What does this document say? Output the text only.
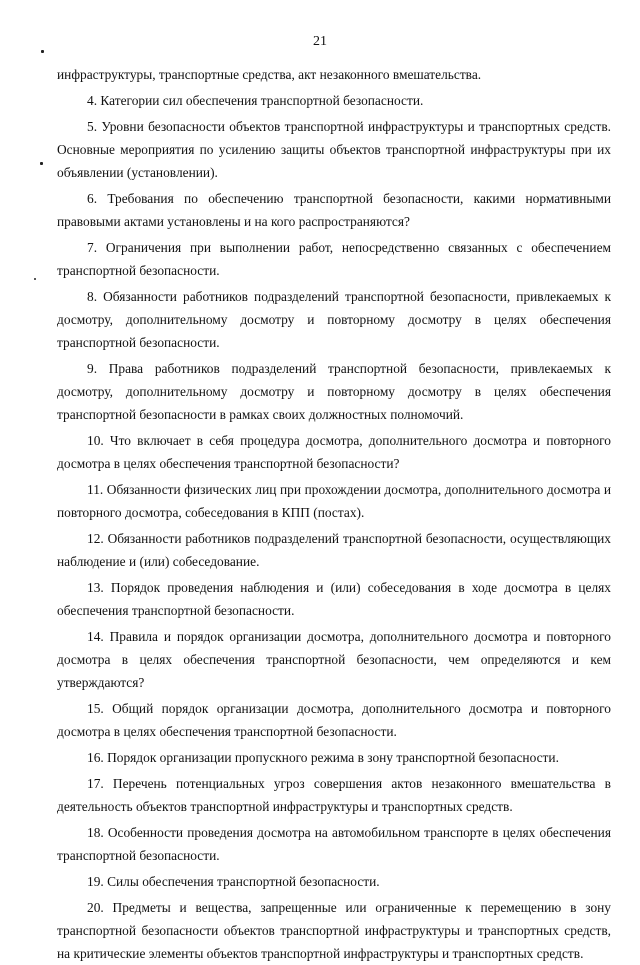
21

инфраструктуры, транспортные средства, акт незаконного вмешательства.

4. Категории сил обеспечения транспортной безопасности.

5. Уровни безопасности объектов транспортной инфраструктуры и транспортных средств. Основные мероприятия по усилению защиты объектов транспортной инфраструктуры при их объявлении (установлении).

6. Требования по обеспечению транспортной безопасности, какими нормативными правовыми актами установлены и на кого распространяются?

7. Ограничения при выполнении работ, непосредственно связанных с обеспечением транспортной безопасности.

8. Обязанности работников подразделений транспортной безопасности, привлекаемых к досмотру, дополнительному досмотру и повторному досмотру в целях обеспечения транспортной безопасности.

9. Права работников подразделений транспортной безопасности, привлекаемых к досмотру, дополнительному досмотру и повторному досмотру в целях обеспечения транспортной безопасности в рамках своих должностных полномочий.

10. Что включает в себя процедура досмотра, дополнительного досмотра и повторного досмотра в целях обеспечения транспортной безопасности?

11. Обязанности физических лиц при прохождении досмотра, дополнительного досмотра и повторного досмотра, собеседования в КПП (постах).

12. Обязанности работников подразделений транспортной безопасности, осуществляющих наблюдение и (или) собеседование.

13. Порядок проведения наблюдения и (или) собеседования в ходе досмотра в целях обеспечения транспортной безопасности.

14. Правила и порядок организации досмотра, дополнительного досмотра и повторного досмотра в целях обеспечения транспортной безопасности, чем определяются и кем утверждаются?

15. Общий порядок организации досмотра, дополнительного досмотра и повторного досмотра в целях обеспечения транспортной безопасности.

16. Порядок организации пропускного режима в зону транспортной безопасности.

17. Перечень потенциальных угроз совершения актов незаконного вмешательства в деятельность объектов транспортной инфраструктуры и транспортных средств.

18. Особенности проведения досмотра на автомобильном транспорте в целях обеспечения транспортной безопасности.

19. Силы обеспечения транспортной безопасности.

20. Предметы и вещества, запрещенные или ограниченные к перемещению в зону транспортной безопасности объектов транспортной инфраструктуры и транспортных средств, на критические элементы объектов транспортной инфраструктуры и транспортных средств.
